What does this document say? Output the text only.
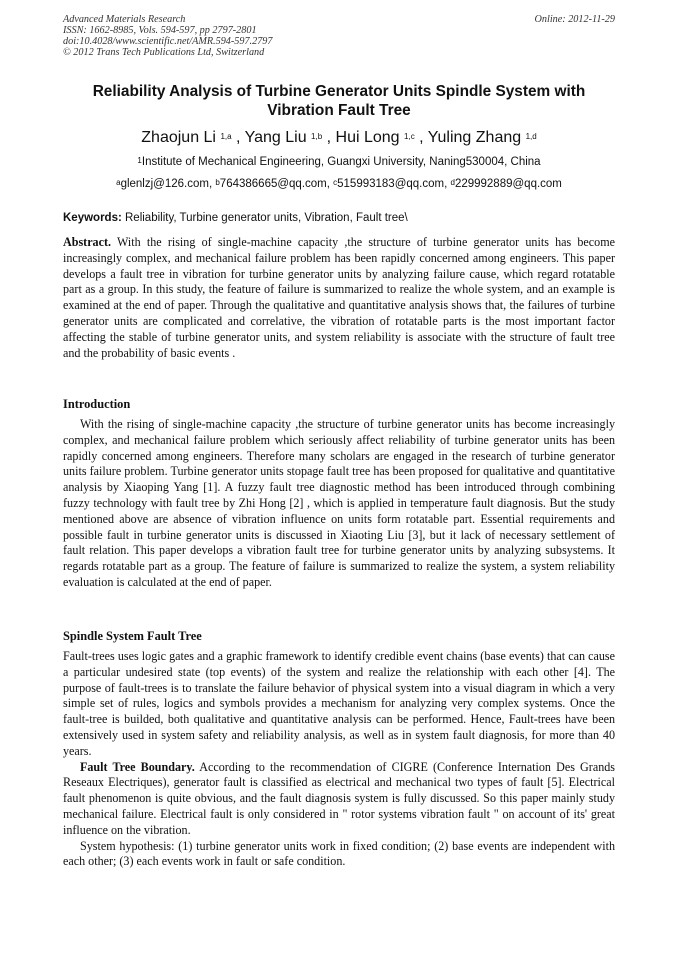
Advanced Materials Research
ISSN: 1662-8985, Vols. 594-597, pp 2797-2801
doi:10.4028/www.scientific.net/AMR.594-597.2797
© 2012 Trans Tech Publications Ltd, Switzerland
Online: 2012-11-29
Reliability Analysis of Turbine Generator Units Spindle System with
Vibration Fault Tree
Zhaojun Li $^{1,a}$ , Yang Liu $^{1,b}$ , Hui Long $^{1,c}$ , Yuling Zhang $^{1,d}$
$^1$Institute of Mechanical Engineering, Guangxi University, Naning530004, China
$^a$glenlzj@126.com, $^b$764386665@qq.com, $^c$515993183@qq.com, $^d$229992889@qq.com
Keywords: Reliability, Turbine generator units, Vibration, Fault tree\

Abstract. With the rising of single-machine capacity ,the structure of turbine generator units has become increasingly complex, and mechanical failure problem has been rapidly concerned among engineers. This paper develops a fault tree in vibration for turbine generator units by analyzing failure cause, which regard rotatable part as a group. In this study, the feature of failure is summarized to realize the whole system, and an example is examined at the end of paper. Through the qualitative and quantitative analysis shows that, the failures of turbine generator units are complicated and correlative, the vibration of rotatable parts is the most important factor affecting the stable of turbine generator units, and system reliability is associate with the structure of fault tree and the probability of basic events .

Introduction

With the rising of single-machine capacity ,the structure of turbine generator units has become increasingly complex, and mechanical failure problem which seriously affect reliability of turbine generator units has been rapidly concerned among engineers. Therefore many scholars are engaged in the research of turbine generator units failure problem. Turbine generator units stopage fault tree has been proposed for qualitative and quantitative analysis by Xiaoping Yang [1]. A fuzzy fault tree diagnostic method has been introduced through combining fuzzy technology with fault tree by Zhi Hong [2] , which is applied in temperature fault diagnosis. But the study mentioned above are absence of vibration influence on units form rotatable part. Essential requirements and possible fault in turbine generator units is discussed in Xiaoting Liu [3], but it lack of necessary settlement of fault relation. This paper develops a vibration fault tree for turbine generator units by analyzing subsystems. It regards rotatable part as a group. The feature of failure is summarized to realize the system, a system reliability evaluation is calculated at the end of paper.

Spindle System Fault Tree

Fault-trees uses logic gates and a graphic framework to identify credible event chains (base events) that can cause a particular undesired state (top events) of the system and realize the relationship with each other [4]. The purpose of fault-trees is to translate the failure behavior of physical system into a visual diagram in which a very simple set of rules, logics and symbols provides a mechanism for analyzing very complex systems. Once the fault-tree is builded, both qualitative and quantitative analysis can be performed. Hence, Fault-trees have been extensively used in system safety and reliability analysis, as well as in system fault diagnosis, for more than 40 years.

Fault Tree Boundary. According to the recommendation of CIGRE (Conference Internation Des Grands Reseaux Electriques), generator fault is classified as electrical and mechanical two types of fault [5]. Electrical fault phenomenon is quite obvious, and the fault diagnosis system is fully discussed. So this paper mainly study mechanical failure. Electrical fault is only considered in " rotor systems vibration fault " on account of its' great influence on the vibration.

System hypothesis: (1) turbine generator units work in fixed condition; (2) base events are independent with each other; (3) each events work in fault or safe condition.
